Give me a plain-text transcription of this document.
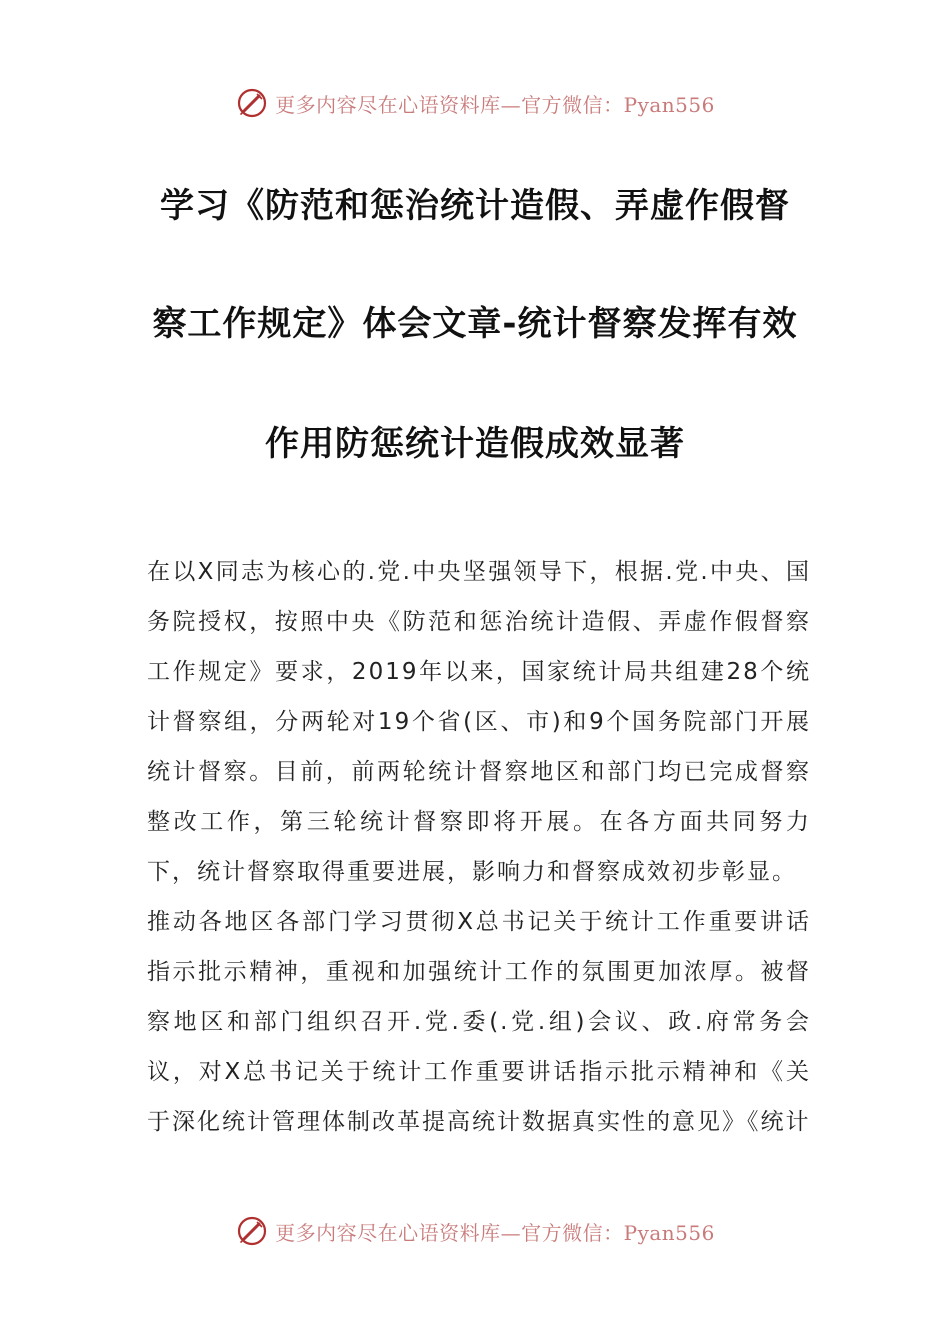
更多内容尽在心语资料库—官方微信：Pyan556
学习《防范和惩治统计造假、弄虚作假督
察工作规定》体会文章-统计督察发挥有效
作用防惩统计造假成效显著

在以X同志为核心的.党.中央坚强领导下，根据.党.中央、国务院授权，按照中央《防范和惩治统计造假、弄虚作假督察工作规定》要求，2019年以来，国家统计局共组建28个统计督察组，分两轮对19个省(区、市)和9个国务院部门开展统计督察。目前，前两轮统计督察地区和部门均已完成督察整改工作，第三轮统计督察即将开展。在各方面共同努力下，统计督察取得重要进展，影响力和督察成效初步彰显。

推动各地区各部门学习贯彻X总书记关于统计工作重要讲话指示批示精神，重视和加强统计工作的氛围更加浓厚。被督察地区和部门组织召开.党.委(.党.组)会议、政.府常务会议，对X总书记关于统计工作重要讲话指示批示精神和《关于深化统计管理体制改革提高统计数据真实性的意见》《统计

更多内容尽在心语资料库—官方微信：Pyan556
